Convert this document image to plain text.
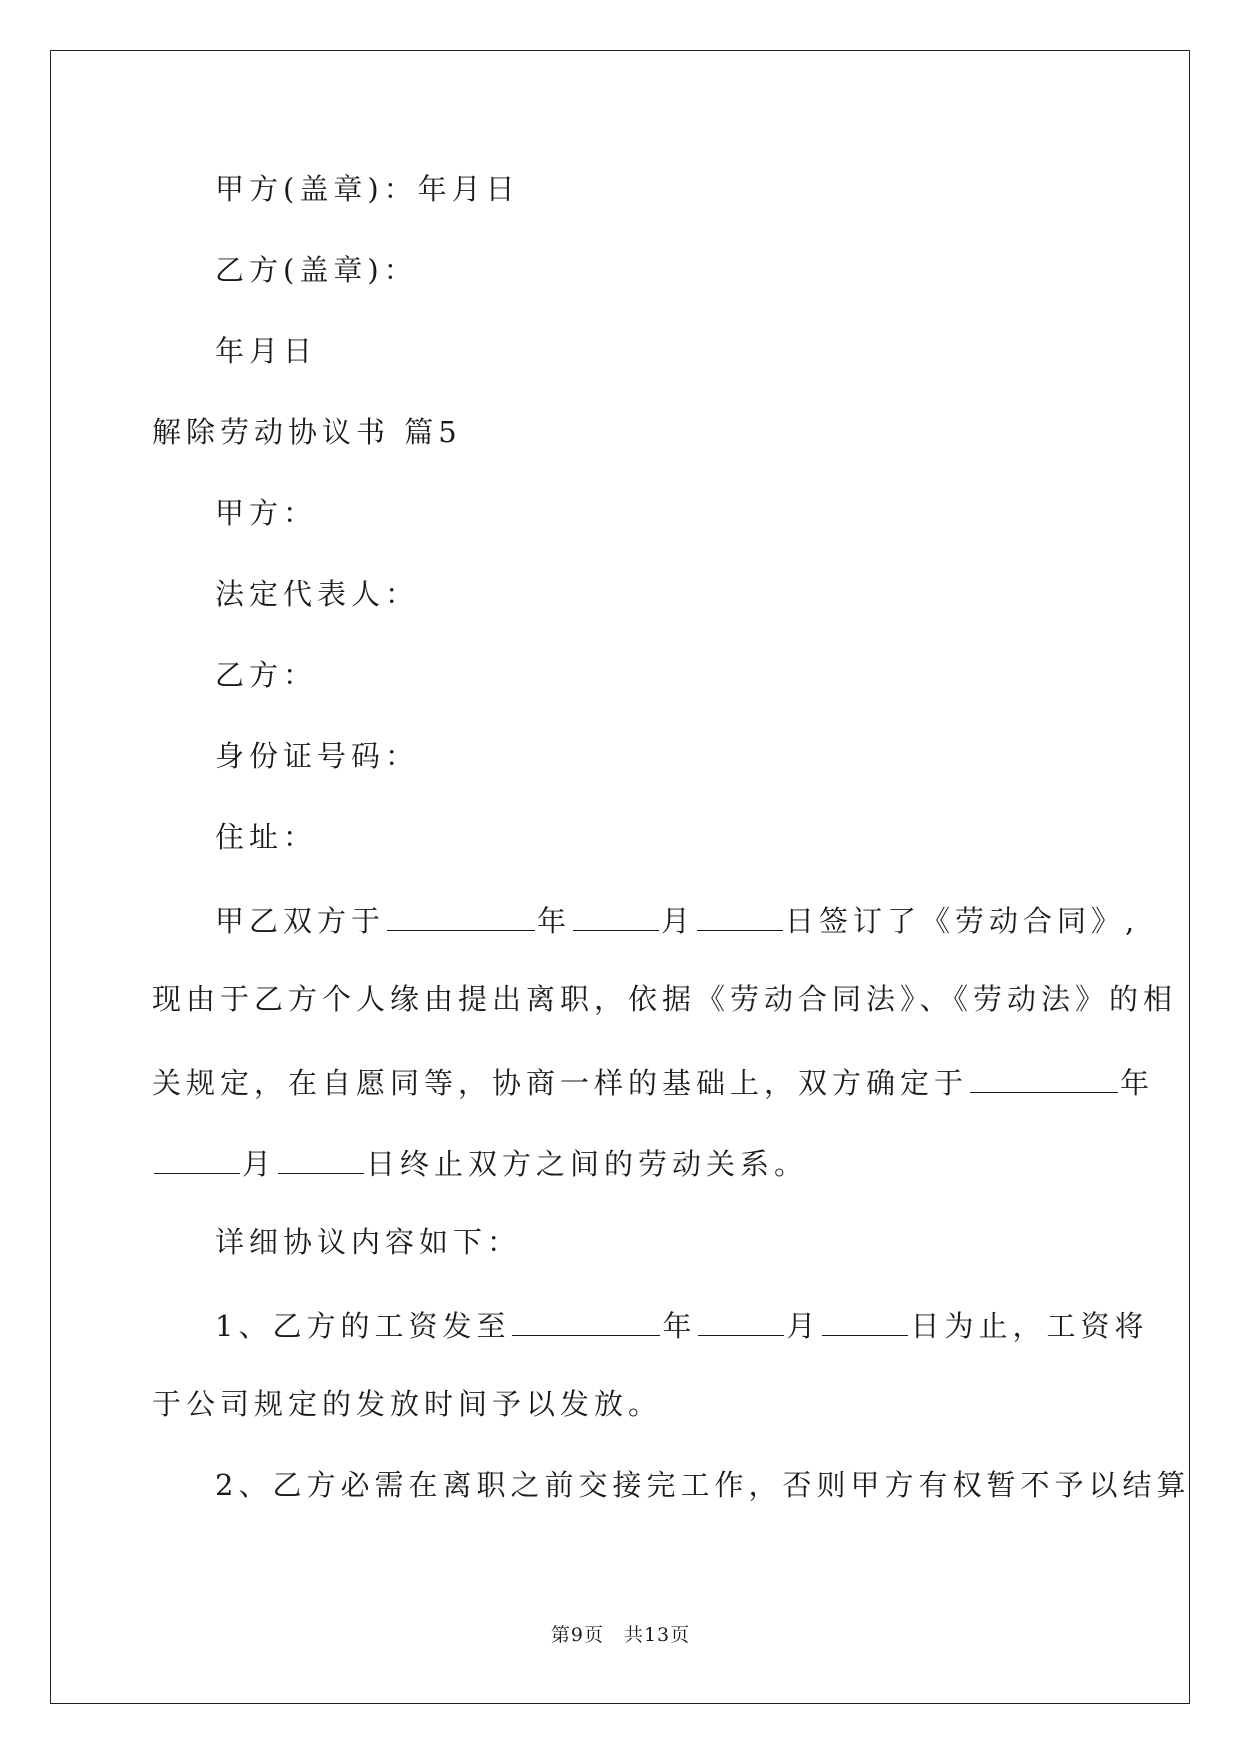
甲方(盖章)：年月日
乙方(盖章)：
年月日
解除劳动协议书 篇5
甲方：
法定代表人：
乙方：
身份证号码：
住址：
甲乙双方于	年	月	日签订了《劳动合同》,
现由于乙方个人缘由提出离职，依据《劳动合同法》、《劳动法》的相
关规定，在自愿同等，协商一样的基础上，双方确定于	年
月	日终止双方之间的劳动关系。
详细协议内容如下：
1、乙方的工资发至	年	月	日为止，工资将
于公司规定的发放时间予以发放。
2、乙方必需在离职之前交接完工作，否则甲方有权暂不予以结算
第9页 共13页
